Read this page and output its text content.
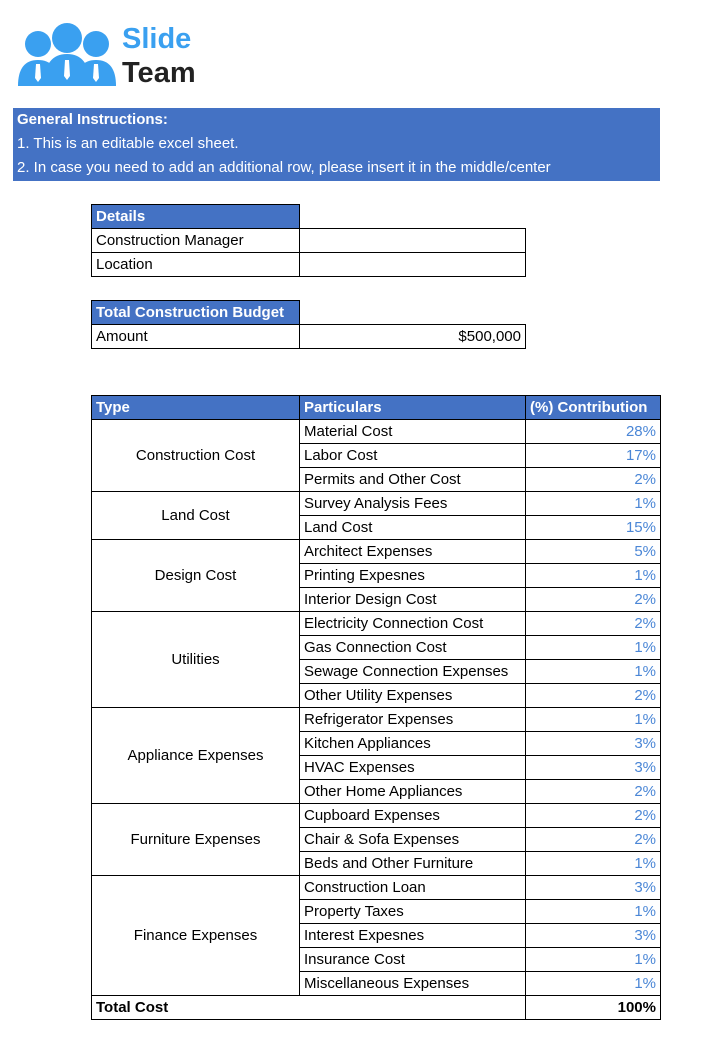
Slide
Team
General Instructions:
1. This is an editable excel sheet.
2. In case you need to add an additional row, please insert it in the middle/center
Details	
Construction Manager	
Location	
Total Construction Budget	
Amount	$500,000
Type	Particulars	(%) Contribution
Construction Cost	Material Cost	28%
	Labor Cost	17%
	Permits and Other Cost	2%
Land Cost	Survey Analysis Fees	1%
	Land Cost	15%
Design Cost	Architect Expenses	5%
	Printing Expesnes	1%
	Interior Design Cost	2%
Utilities	Electricity Connection Cost	2%
	Gas Connection Cost	1%
	Sewage Connection Expenses	1%
	Other Utility Expenses	2%
Appliance Expenses	Refrigerator Expenses	1%
	Kitchen Appliances	3%
	HVAC Expenses	3%
	Other Home Appliances	2%
Furniture Expenses	Cupboard Expenses	2%
	Chair & Sofa Expenses	2%
	Beds and Other Furniture	1%
Finance Expenses	Construction Loan	3%
	Property Taxes	1%
	Interest Expesnes	3%
	Insurance Cost	1%
	Miscellaneous Expenses	1%
Total Cost		100%
